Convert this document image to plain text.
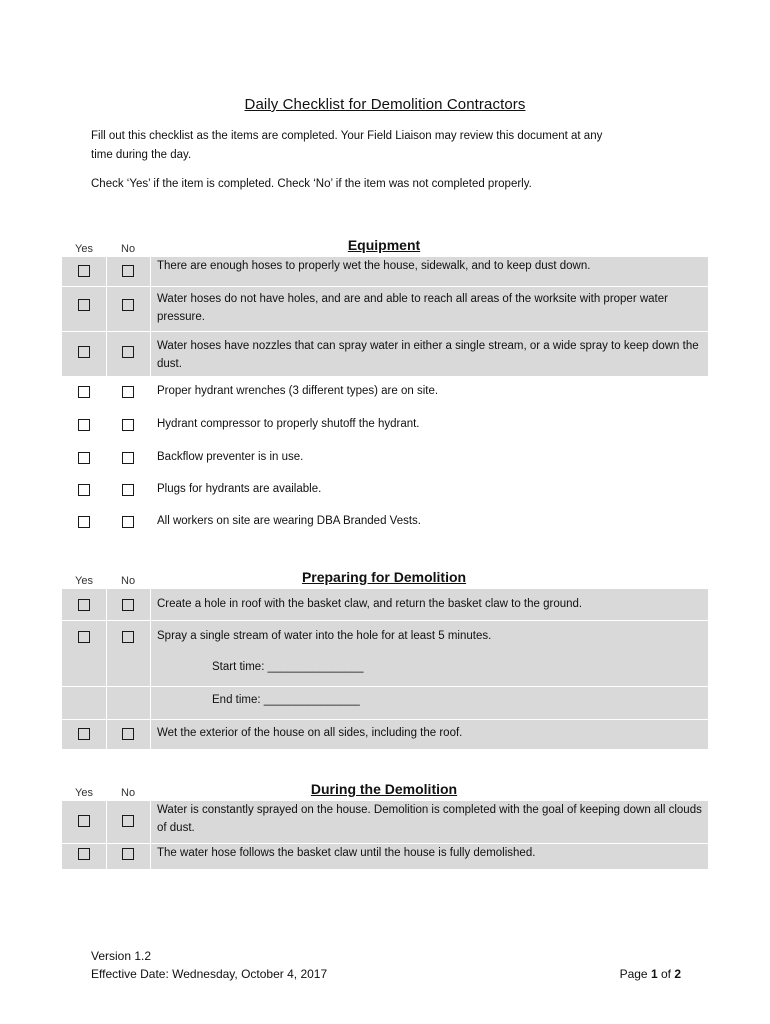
Daily Checklist for Demolition Contractors
Fill out this checklist as the items are completed. Your Field Liaison may review this document at any
time during the day.
Check ‘Yes’ if the item is completed. Check ‘No’ if the item was not completed properly.
Yes	No	Equipment
There are enough hoses to properly wet the house, sidewalk, and to keep dust down.
Water hoses do not have holes, and are and able to reach all areas of the worksite with proper water pressure.
Water hoses have nozzles that can spray water in either a single stream, or a wide spray to keep down the dust.
Proper hydrant wrenches (3 different types) are on site.
Hydrant compressor to properly shutoff the hydrant.
Backflow preventer is in use.
Plugs for hydrants are available.
All workers on site are wearing DBA Branded Vests.
Yes	No	Preparing for Demolition
Create a hole in roof with the basket claw, and return the basket claw to the ground.
Spray a single stream of water into the hole for at least 5 minutes.
Start time: _______________
End time: _______________
Wet the exterior of the house on all sides, including the roof.
Yes	No	During the Demolition
Water is constantly sprayed on the house. Demolition is completed with the goal of keeping down all clouds of dust.
The water hose follows the basket claw until the house is fully demolished.
Version 1.2
Effective Date: Wednesday, October 4, 2017	Page 1 of 2
